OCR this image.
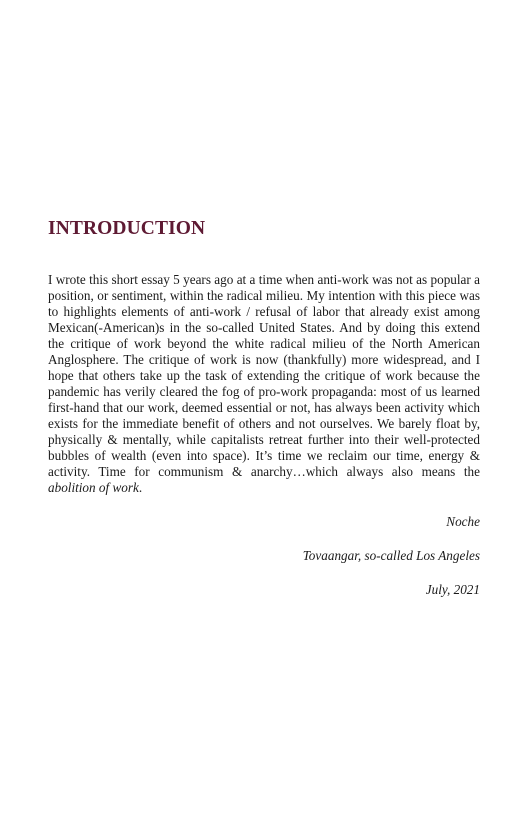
INTRODUCTION

I wrote this short essay 5 years ago at a time when anti-work was not as popular a position, or sentiment, within the radical milieu. My intention with this piece was to highlights elements of anti-work / refusal of labor that already exist among Mexican(-American)s in the so-called United States. And by doing this extend the critique of work beyond the white radical milieu of the North American Anglosphere. The critique of work is now (thankfully) more widespread, and I hope that others take up the task of extending the critique of work because the pandemic has verily cleared the fog of pro-work propaganda: most of us learned first-hand that our work, deemed essential or not, has always been activity which exists for the immediate benefit of others and not ourselves. We barely float by, physically & mentally, while capitalists retreat further into their well-protected bubbles of wealth (even into space). It’s time we reclaim our time, energy & activity. Time for communism & anarchy…which always also means the abolition of work.

Noche

Tovaangar, so-called Los Angeles

July, 2021
